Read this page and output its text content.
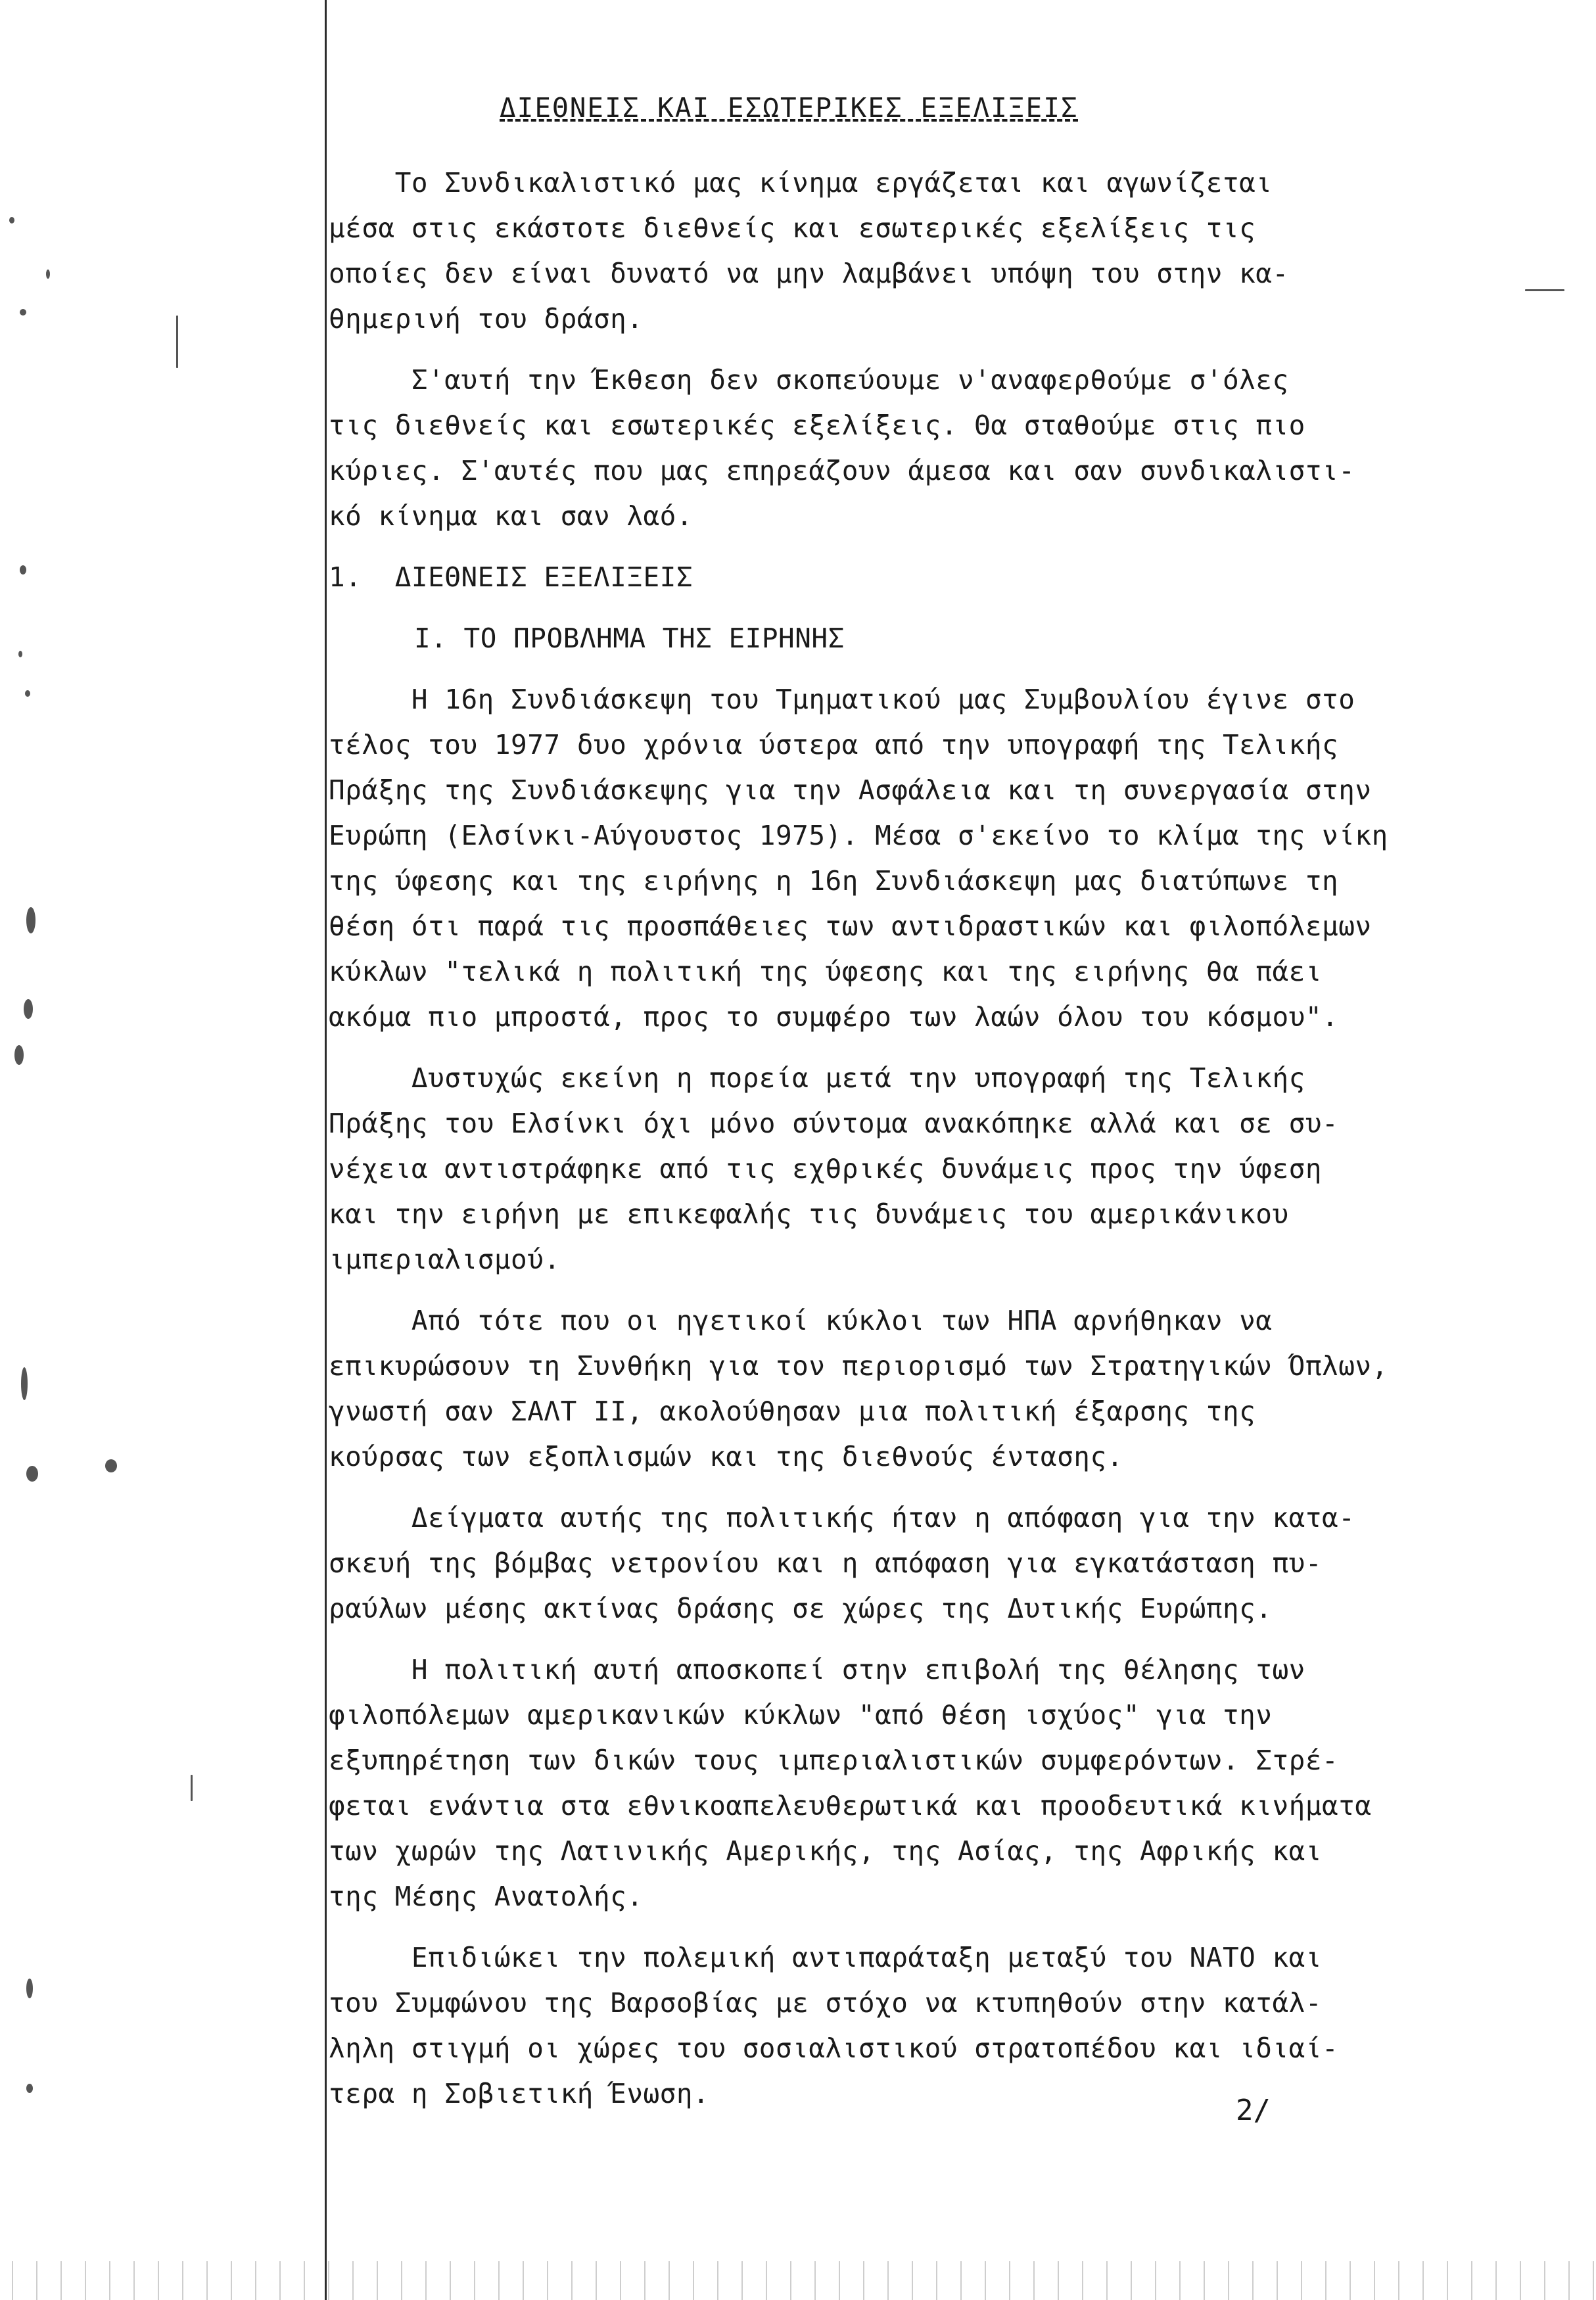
ΔΙΕΘΝΕΙΣ ΚΑΙ ΕΣΩΤΕΡΙΚΕΣ ΕΞΕΛΙΞΕΙΣ
Το Συνδικαλιστικό μας κίνημα εργάζεται και αγωνίζεται
μέσα στις εκάστοτε διεθνείς και εσωτερικές εξελίξεις τις
οποίες δεν είναι δυνατό να μην λαμβάνει υπόψη του στην κα-
θημερινή του δράση.
Σ'αυτή την Έκθεση δεν σκοπεύουμε ν'αναφερθούμε σ'όλες
τις διεθνείς και εσωτερικές εξελίξεις. Θα σταθούμε στις πιο
κύριες. Σ'αυτές που μας επηρεάζουν άμεσα και σαν συνδικαλιστι-
κό κίνημα και σαν λαό.
1.  ΔΙΕΘΝΕΙΣ ΕΞΕΛΙΞΕΙΣ
Ι. ΤΟ ΠΡΟΒΛΗΜΑ ΤΗΣ ΕΙΡΗΝΗΣ
Η 16η Συνδιάσκεψη του Τμηματικού μας Συμβουλίου έγινε στο
τέλος του 1977 δυο χρόνια ύστερα από την υπογραφή της Τελικής
Πράξης της Συνδιάσκεψης για την Ασφάλεια και τη συνεργασία στην
Ευρώπη (Ελσίνκι-Αύγουστος 1975). Μέσα σ'εκείνο το κλίμα της νίκη
της ύφεσης και της ειρήνης η 16η Συνδιάσκεψη μας διατύπωνε τη
θέση ότι παρά τις προσπάθειες των αντιδραστικών και φιλοπόλεμων
κύκλων "τελικά η πολιτική της ύφεσης και της ειρήνης θα πάει
ακόμα πιο μπροστά, προς το συμφέρο των λαών όλου του κόσμου".
Δυστυχώς εκείνη η πορεία μετά την υπογραφή της Τελικής
Πράξης του Ελσίνκι όχι μόνο σύντομα ανακόπηκε αλλά και σε συ-
νέχεια αντιστράφηκε από τις εχθρικές δυνάμεις προς την ύφεση
και την ειρήνη με επικεφαλής τις δυνάμεις του αμερικάνικου
ιμπεριαλισμού.
Από τότε που οι ηγετικοί κύκλοι των ΗΠΑ αρνήθηκαν να
επικυρώσουν τη Συνθήκη για τον περιορισμό των Στρατηγικών Όπλων,
γνωστή σαν ΣΑΛΤ ΙΙ, ακολούθησαν μια πολιτική έξαρσης της
κούρσας των εξοπλισμών και της διεθνούς έντασης.
Δείγματα αυτής της πολιτικής ήταν η απόφαση για την κατα-
σκευή της βόμβας νετρονίου και η απόφαση για εγκατάσταση πυ-
ραύλων μέσης ακτίνας δράσης σε χώρες της Δυτικής Ευρώπης.
Η πολιτική αυτή αποσκοπεί στην επιβολή της θέλησης των
φιλοπόλεμων αμερικανικών κύκλων "από θέση ισχύος" για την
εξυπηρέτηση των δικών τους ιμπεριαλιστικών συμφερόντων. Στρέ-
φεται ενάντια στα εθνικοαπελευθερωτικά και προοδευτικά κινήματα
των χωρών της Λατινικής Αμερικής, της Ασίας, της Αφρικής και
της Μέσης Ανατολής.
Επιδιώκει την πολεμική αντιπαράταξη μεταξύ του ΝΑΤΟ και
του Συμφώνου της Βαρσοβίας με στόχο να κτυπηθούν στην κατάλ-
ληλη στιγμή οι χώρες του σοσιαλιστικού στρατοπέδου και ιδιαί-
τερα η Σοβιετική Ένωση.	2/
